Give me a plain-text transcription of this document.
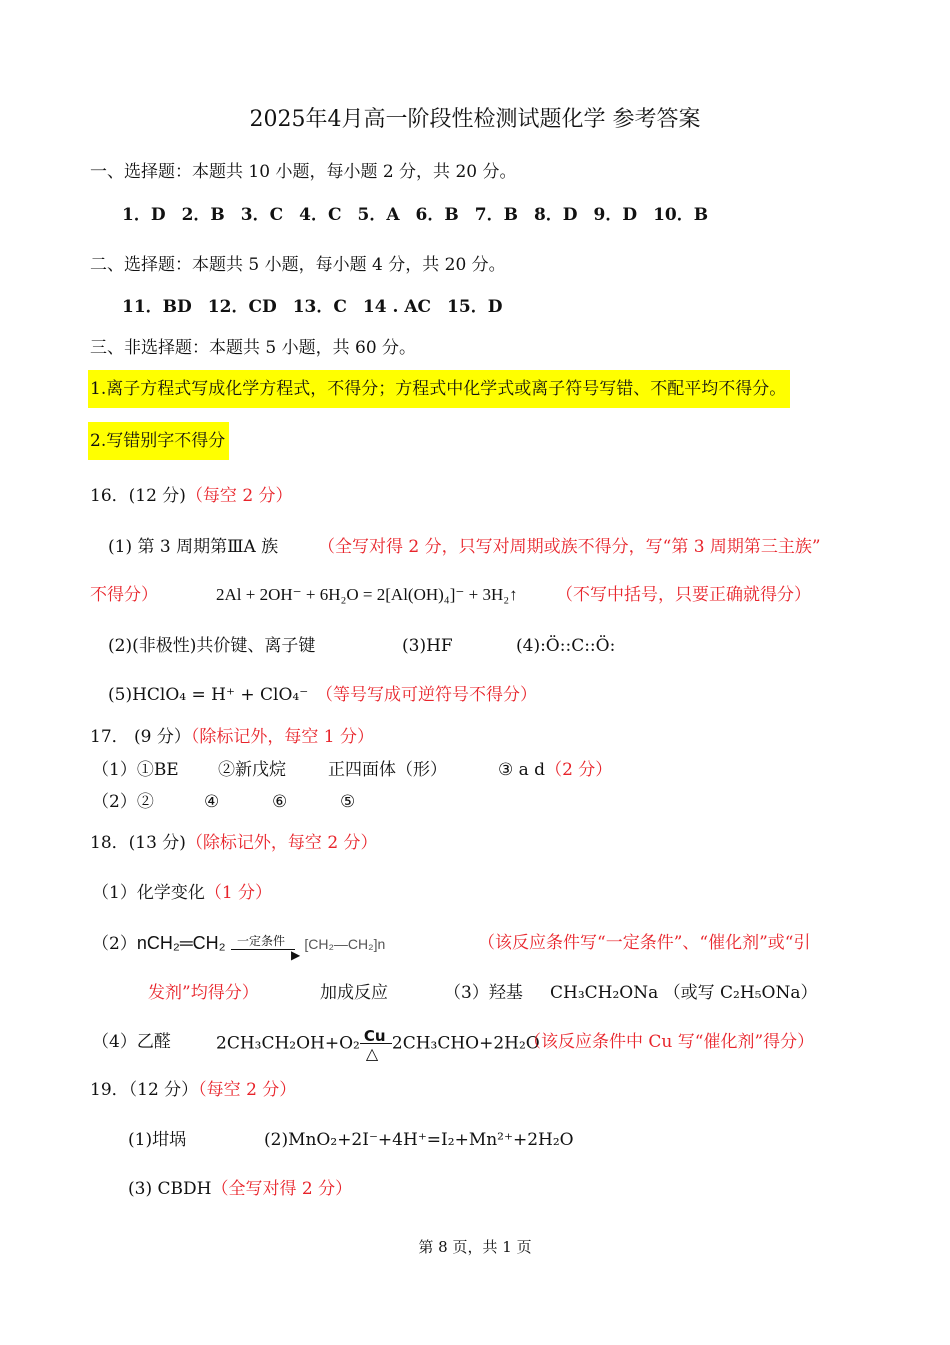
2025年4月高一阶段性检测试题化学 参考答案
一、选择题：本题共 10 小题，每小题 2 分，共 20 分。
1．D 2．B 3．C 4．C 5．A 6．B 7．B 8．D 9．D 10．B
二、选择题：本题共 5 小题，每小题 4 分，共 20 分。
11．BD 12．CD 13．C 14 . AC 15．D
三、非选择题：本题共 5 小题，共 60 分。
1.离子方程式写成化学方程式，不得分；方程式中化学式或离子符号写错、不配平均不得分。
2.写错别字不得分
16．(12 分)（每空 2 分）
(1) 第 3 周期第ⅢA 族 （全写对得 2 分，只写对周期或族不得分，写“第 3 周期第三主族”
不得分）	2Al + 2OH⁻ + 6H₂O = 2[Al(OH)₄]⁻ + 3H₂↑ （不写中括号，只要正确就得分）
(2)(非极性)共价键、离子键	(3)HF	(4):Ö::C::Ö:
(5)HClO₄ = H⁺ + ClO₄⁻ （等号写成可逆符号不得分）
17． (9 分）（除标记外，每空 1 分）
（1）①BE ②新戊烷 正四面体（形）	③ a d（2 分）
（2）②	④	⑥	⑤
18．(13 分)（除标记外，每空 2 分）
（1）化学变化（1 分）
（2）nCH₂═CH₂ 一定条件
▶
[CH₂—CH₂]n	（该反应条件写“一定条件”、“催化剂”或“引
发剂”均得分）	加成反应	（3）羟基 CH₃CH₂ONa （或写 C₂H₅ONa）
（4）乙醛	2CH₃CH₂OH+O₂ Cu
△ 2CH₃CHO+2H₂O
（该反应条件中 Cu 写“催化剂”得分）
19．（12 分）（每空 2 分）
(1)坩埚	(2)MnO₂+2I⁻+4H⁺=I₂+Mn²⁺+2H₂O
(3) CBDH（全写对得 2 分）
第 8 页，共 1 页
